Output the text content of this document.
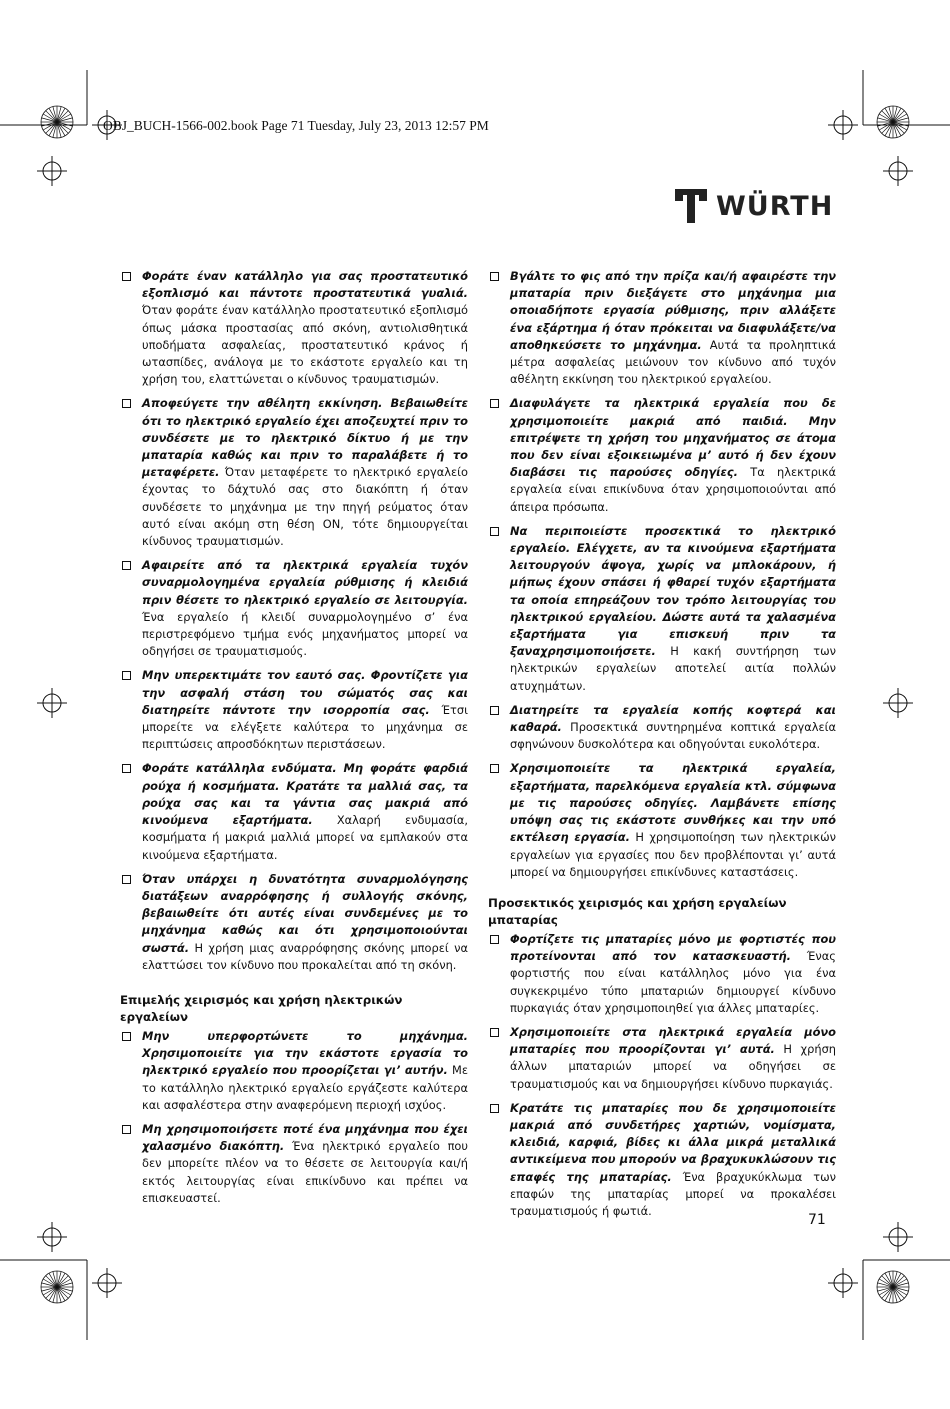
OBJ_BUCH-1566-002.book Page 71 Tuesday, July 23, 2013 12:57 PM
WÜRTH
Φοράτε έναν κατάλληλο για σας προστατευτικό εξοπλισμό και πάντοτε προστατευτικά γυαλιά. Όταν φοράτε έναν κατάλληλο προστατευτικό εξοπλισμό όπως μάσκα προστασίας από σκόνη, αντιολισθητικά υποδήματα ασφαλείας, προστατευτικό κράνος ή ωτασπίδες, ανάλογα με το εκάστοτε εργαλείο και τη χρήση του, ελαττώνεται ο κίνδυνος τραυματισμών.
Αποφεύγετε την αθέλητη εκκίνηση. Βεβαιωθείτε ότι το ηλεκτρικό εργαλείο έχει αποζευχτεί πριν το συνδέσετε με το ηλεκτρικό δίκτυο ή με την μπαταρία καθώς και πριν το παραλάβετε ή το μεταφέρετε. Όταν μεταφέρετε το ηλεκτρικό εργαλείο έχοντας το δάχτυλό σας στο διακόπτη ή όταν συνδέσετε το μηχάνημα με την πηγή ρεύματος όταν αυτό είναι ακόμη στη θέση ΟΝ, τότε δημιουργείται κίνδυνος τραυματισμών.
Αφαιρείτε από τα ηλεκτρικά εργαλεία τυχόν συναρμολογημένα εργαλεία ρύθμισης ή κλειδιά πριν θέσετε το ηλεκτρικό εργαλείο σε λειτουργία. Ένα εργαλείο ή κλειδί συναρμολογημένο σ’ ένα περιστρεφόμενο τμήμα ενός μηχανήματος μπορεί να οδηγήσει σε τραυματισμούς.
Μην υπερεκτιμάτε τον εαυτό σας. Φροντίζετε για την ασφαλή στάση του σώματός σας και διατηρείτε πάντοτε την ισορροπία σας. Έτσι μπορείτε να ελέγξετε καλύτερα το μηχάνημα σε περιπτώσεις απροσδόκητων περιστάσεων.
Φοράτε κατάλληλα ενδύματα. Μη φοράτε φαρδιά ρούχα ή κοσμήματα. Κρατάτε τα μαλλιά σας, τα ρούχα σας και τα γάντια σας μακριά από κινούμενα εξαρτήματα. Χαλαρή ενδυμασία, κοσμήματα ή μακριά μαλλιά μπορεί να εμπλακούν στα κινούμενα εξαρτήματα.
Όταν υπάρχει η δυνατότητα συναρμολόγησης διατάξεων αναρρόφησης ή συλλογής σκόνης, βεβαιωθείτε ότι αυτές είναι συνδεμένες με το μηχάνημα καθώς και ότι χρησιμοποιούνται σωστά. Η χρήση μιας αναρρόφησης σκόνης μπορεί να ελαττώσει τον κίνδυνο που προκαλείται από τη σκόνη.
Επιμελής χειρισμός και χρήση ηλεκτρικών εργαλείων
Μην υπερφορτώνετε το μηχάνημα. Χρησιμοποιείτε για την εκάστοτε εργασία το ηλεκτρικό εργαλείο που προορίζεται γι’ αυτήν. Με το κατάλληλο ηλεκτρικό εργαλείο εργάζεστε καλύτερα και ασφαλέστερα στην αναφερόμενη περιοχή ισχύος.
Μη χρησιμοποιήσετε ποτέ ένα μηχάνημα που έχει χαλασμένο διακόπτη. Ένα ηλεκτρικό εργαλείο που δεν μπορείτε πλέον να το θέσετε σε λειτουργία και/ή εκτός λειτουργίας είναι επικίνδυνο και πρέπει να επισκευαστεί.
Βγάλτε το φις από την πρίζα και/ή αφαιρέστε την μπαταρία πριν διεξάγετε στο μηχάνημα μια οποιαδήποτε εργασία ρύθμισης, πριν αλλάξετε ένα εξάρτημα ή όταν πρόκειται να διαφυλάξετε/να αποθηκεύσετε το μηχάνημα. Αυτά τα προληπτικά μέτρα ασφαλείας μειώνουν τον κίνδυνο από τυχόν αθέλητη εκκίνηση του ηλεκτρικού εργαλείου.
Διαφυλάγετε τα ηλεκτρικά εργαλεία που δε χρησιμοποιείτε μακριά από παιδιά. Μην επιτρέψετε τη χρήση του μηχανήματος σε άτομα που δεν είναι εξοικειωμένα μ’ αυτό ή δεν έχουν διαβάσει τις παρούσες οδηγίες. Τα ηλεκτρικά εργαλεία είναι επικίνδυνα όταν χρησιμοποιούνται από άπειρα πρόσωπα.
Να περιποιείστε προσεκτικά το ηλεκτρικό εργαλείο. Ελέγχετε, αν τα κινούμενα εξαρτήματα λειτουργούν άψογα, χωρίς να μπλοκάρουν, ή μήπως έχουν σπάσει ή φθαρεί τυχόν εξαρτήματα τα οποία επηρεάζουν τον τρόπο λειτουργίας του ηλεκτρικού εργαλείου. Δώστε αυτά τα χαλασμένα εξαρτήματα για επισκευή πριν τα ξαναχρησιμοποιήσετε. Η κακή συντήρηση των ηλεκτρικών εργαλείων αποτελεί αιτία πολλών ατυχημάτων.
Διατηρείτε τα εργαλεία κοπής κοφτερά και καθαρά. Προσεκτικά συντηρημένα κοπτικά εργαλεία σφηνώνουν δυσκολότερα και οδηγούνται ευκολότερα.
Χρησιμοποιείτε τα ηλεκτρικά εργαλεία, εξαρτήματα, παρελκόμενα εργαλεία κτλ. σύμφωνα με τις παρούσες οδηγίες. Λαμβάνετε επίσης υπόψη σας τις εκάστοτε συνθήκες και την υπό εκτέλεση εργασία. Η χρησιμοποίηση των ηλεκτρικών εργαλείων για εργασίες που δεν προβλέπονται γι’ αυτά μπορεί να δημιουργήσει επικίνδυνες καταστάσεις.
Προσεκτικός χειρισμός και χρήση εργαλείων μπαταρίας
Φορτίζετε τις μπαταρίες μόνο με φορτιστές που προτείνονται από τον κατασκευαστή. Ένας φορτιστής που είναι κατάλληλος μόνο για ένα συγκεκριμένο τύπο μπαταριών δημιουργεί κίνδυνο πυρκαγιάς όταν χρησιμοποιηθεί για άλλες μπαταρίες.
Χρησιμοποιείτε στα ηλεκτρικά εργαλεία μόνο μπαταρίες που προορίζονται γι’ αυτά. Η χρήση άλλων μπαταριών μπορεί να οδηγήσει σε τραυματισμούς και να δημιουργήσει κίνδυνο πυρκαγιάς.
Κρατάτε τις μπαταρίες που δε χρησιμοποιείτε μακριά από συνδετήρες χαρτιών, νομίσματα, κλειδιά, καρφιά, βίδες κι άλλα μικρά μεταλλικά αντικείμενα που μπορούν να βραχυκυκλώσουν τις επαφές της μπαταρίας. Ένα βραχυκύκλωμα των επαφών της μπαταρίας μπορεί να προκαλέσει τραυματισμούς ή φωτιά.
71
